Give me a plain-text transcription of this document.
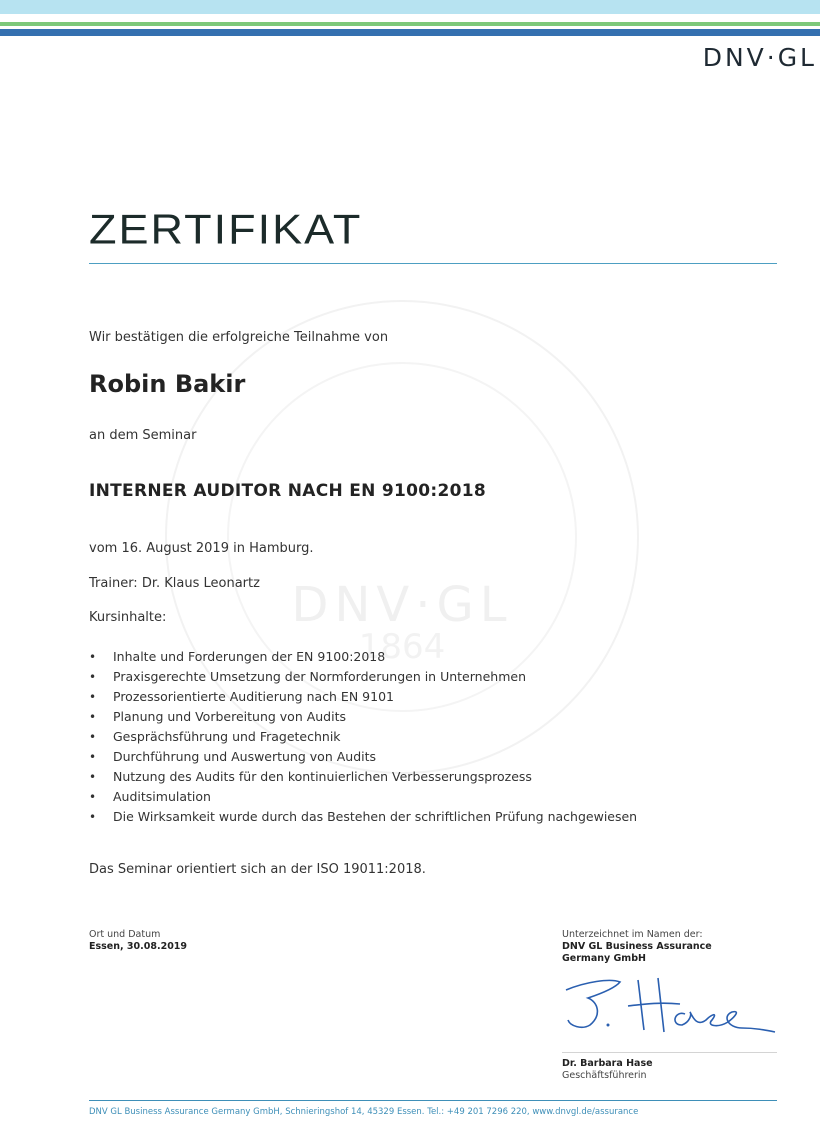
DNV·GL
DNV·GL
1864
ZERTIFIKAT
Wir bestätigen die erfolgreiche Teilnahme von
Robin Bakir
an dem Seminar
INTERNER AUDITOR NACH EN 9100:2018
vom 16. August 2019 in Hamburg.
Trainer: Dr. Klaus Leonartz
Kursinhalte:
• Inhalte und Forderungen der EN 9100:2018
• Praxisgerechte Umsetzung der Normforderungen in Unternehmen
• Prozessorientierte Auditierung nach EN 9101
• Planung und Vorbereitung von Audits
• Gesprächsführung und Fragetechnik
• Durchführung und Auswertung von Audits
• Nutzung des Audits für den kontinuierlichen Verbesserungsprozess
• Auditsimulation
• Die Wirksamkeit wurde durch das Bestehen der schriftlichen Prüfung nachgewiesen
Das Seminar orientiert sich an der ISO 19011:2018.
Ort und Datum
Essen, 30.08.2019
Unterzeichnet im Namen der:
DNV GL Business Assurance
Germany GmbH
Dr. Barbara Hase
Geschäftsführerin
DNV GL Business Assurance Germany GmbH, Schnieringshof 14, 45329 Essen. Tel.: +49 201 7296 220, www.dnvgl.de/assurance
